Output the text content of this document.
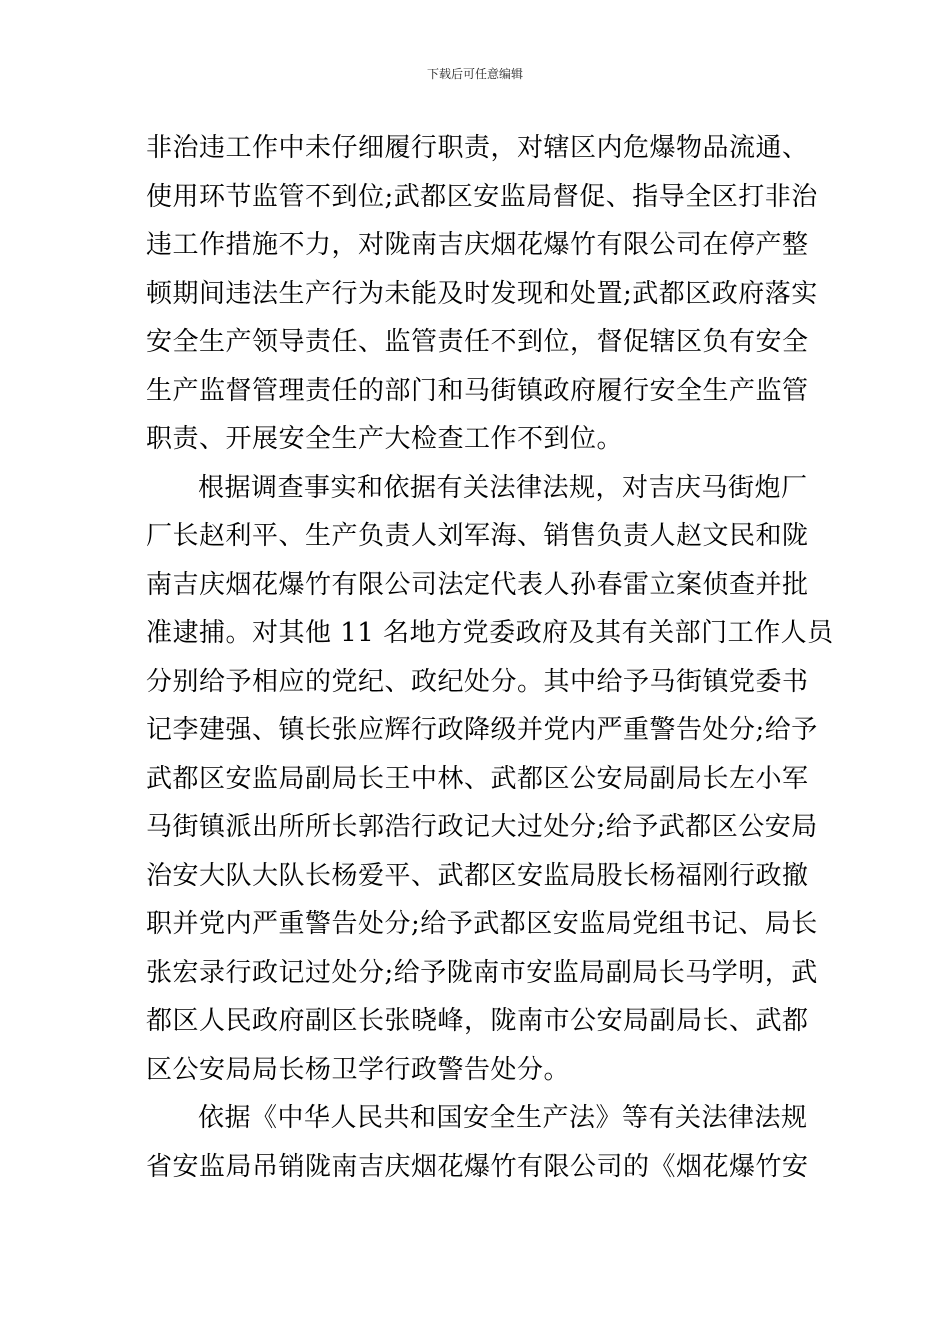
下载后可任意编辑
非治违工作中未仔细履行职责，对辖区内危爆物品流通、
使用环节监管不到位;武都区安监局督促、指导全区打非治
违工作措施不力，对陇南吉庆烟花爆竹有限公司在停产整
顿期间违法生产行为未能及时发现和处置;武都区政府落实
安全生产领导责任、监管责任不到位，督促辖区负有安全
生产监督管理责任的部门和马街镇政府履行安全生产监管
职责、开展安全生产大检查工作不到位。
根据调查事实和依据有关法律法规，对吉庆马街炮厂
厂长赵利平、生产负责人刘军海、销售负责人赵文民和陇
南吉庆烟花爆竹有限公司法定代表人孙春雷立案侦查并批
准逮捕。对其他 11 名地方党委政府及其有关部门工作人员
分别给予相应的党纪、政纪处分。其中给予马街镇党委书
记李建强、镇长张应辉行政降级并党内严重警告处分;给予
武都区安监局副局长王中林、武都区公安局副局长左小军
马街镇派出所所长郭浩行政记大过处分;给予武都区公安局
治安大队大队长杨爱平、武都区安监局股长杨福刚行政撤
职并党内严重警告处分;给予武都区安监局党组书记、局长
张宏录行政记过处分;给予陇南市安监局副局长马学明，武
都区人民政府副区长张晓峰，陇南市公安局副局长、武都
区公安局局长杨卫学行政警告处分。
依据《中华人民共和国安全生产法》等有关法律法规
省安监局吊销陇南吉庆烟花爆竹有限公司的《烟花爆竹安
